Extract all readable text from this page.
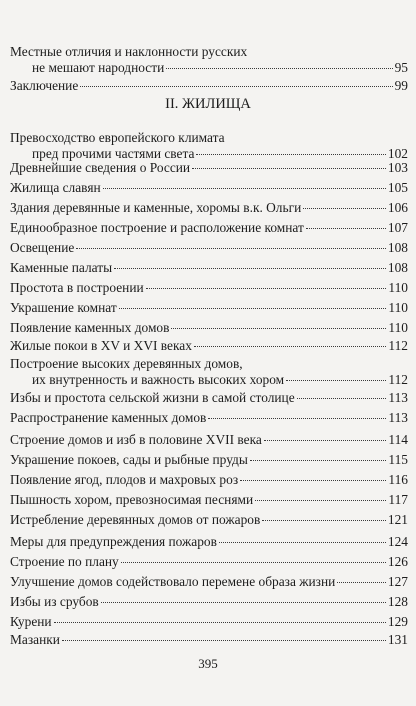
Местные отличия и наклонности русских
не мешают народности	95
Заключение	99
II. ЖИЛИЩА
Превосходство европейского климата
пред прочими частями света	102
Древнейшие сведения о России	103
Жилища славян	105
Здания деревянные и каменные, хоромы в.к. Ольги	106
Единообразное построение и расположение комнат	107
Освещение	108
Каменные палаты	108
Простота в построении	110
Украшение комнат	110
Появление каменных домов	110
Жилые покои в XV и XVI веках	112
Построение высоких деревянных домов,
их внутренность и важность высоких хором	112
Избы и простота сельской жизни в самой столице	113
Распространение каменных домов	113
Строение домов и изб в половине XVII века	114
Украшение покоев, сады и рыбные пруды	115
Появление ягод, плодов и махровых роз	116
Пышность хором, превозносимая песнями	117
Истребление деревянных домов от пожаров	121
Меры для предупреждения пожаров	124
Строение по плану	126
Улучшение домов содействовало перемене образа жизни	127
Избы из срубов	128
Курени	129
Мазанки	131
395
